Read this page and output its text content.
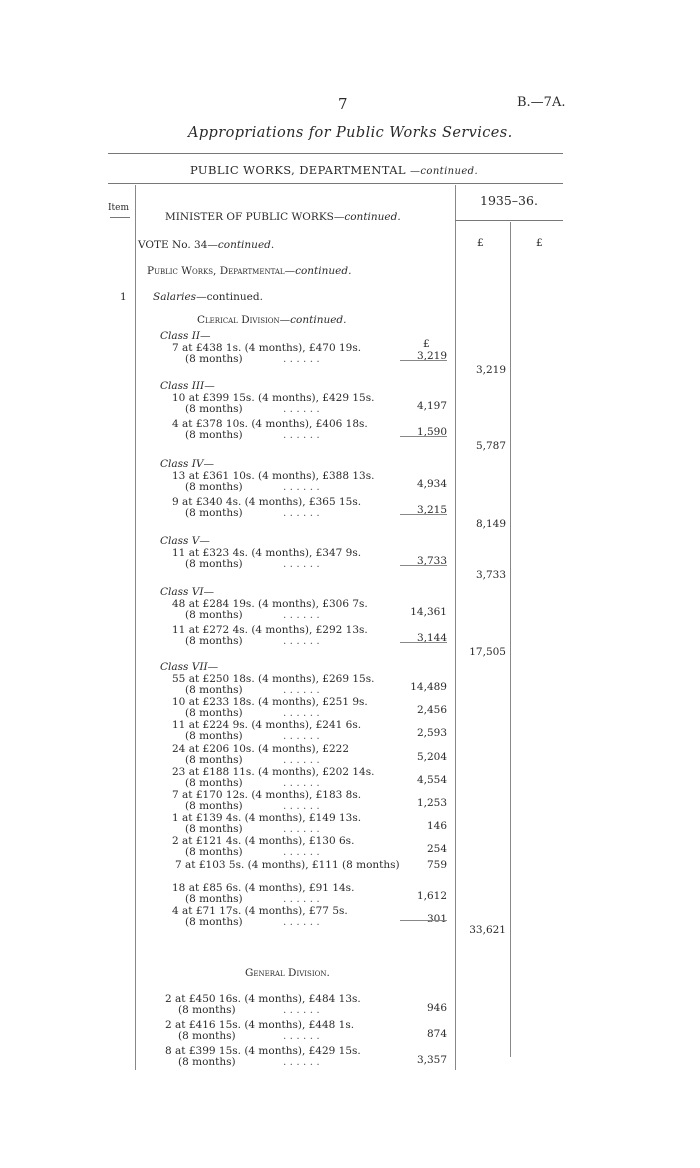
7	B.—7A.
Appropriations for Public Works Services.
PUBLIC WORKS, DEPARTMENTAL —continued.
Item	1935–36.
£	£
MINISTER OF PUBLIC WORKS—continued.
VOTE No. 34—continued.
Public Works, Departmental—continued.
1	Salaries—continued.
Clerical Division—continued.
£
Class II—
7 at £438 1s. (4 months), £470 19s.
(8 months)	. . . . . .	3,219
3,219
Class III—
10 at £399 15s. (4 months), £429 15s.
(8 months)	. . . . . .	4,197
4 at £378 10s. (4 months), £406 18s.
(8 months)	. . . . . .	1,590
5,787
Class IV—
13 at £361 10s. (4 months), £388 13s.
(8 months)	. . . . . .	4,934
9 at £340 4s. (4 months), £365 15s.
(8 months)	. . . . . .	3,215
8,149
Class V—
11 at £323 4s. (4 months), £347 9s.
(8 months)	. . . . . .	3,733
3,733
Class VI—
48 at £284 19s. (4 months), £306 7s.
(8 months)	. . . . . .	14,361
11 at £272 4s. (4 months), £292 13s.
(8 months)	. . . . . .	3,144
17,505
Class VII—
55 at £250 18s. (4 months), £269 15s.
(8 months)	. . . . . .	14,489
10 at £233 18s. (4 months), £251 9s.
(8 months)	. . . . . .	2,456
11 at £224 9s. (4 months), £241 6s.
(8 months)	. . . . . .	2,593
24 at £206 10s. (4 months), £222
(8 months)	. . . . . .	5,204
23 at £188 11s. (4 months), £202 14s.
(8 months)	. . . . . .	4,554
7 at £170 12s. (4 months), £183 8s.
(8 months)	. . . . . .	1,253
1 at £139 4s. (4 months), £149 13s.
(8 months)	. . . . . .	146
2 at £121 4s. (4 months), £130 6s.
(8 months)	. . . . . .	254
7 at £103 5s. (4 months), £111 (8 months)	759
18 at £85 6s. (4 months), £91 14s.
(8 months)	. . . . . .	1,612
4 at £71 17s. (4 months), £77 5s.
(8 months)	. . . . . .	301
33,621
General Division.
2 at £450 16s. (4 months), £484 13s.
(8 months)	. . . . . .	946
2 at £416 15s. (4 months), £448 1s.
(8 months)	. . . . . .	874
8 at £399 15s. (4 months), £429 15s.
(8 months)	. . . . . .	3,357
